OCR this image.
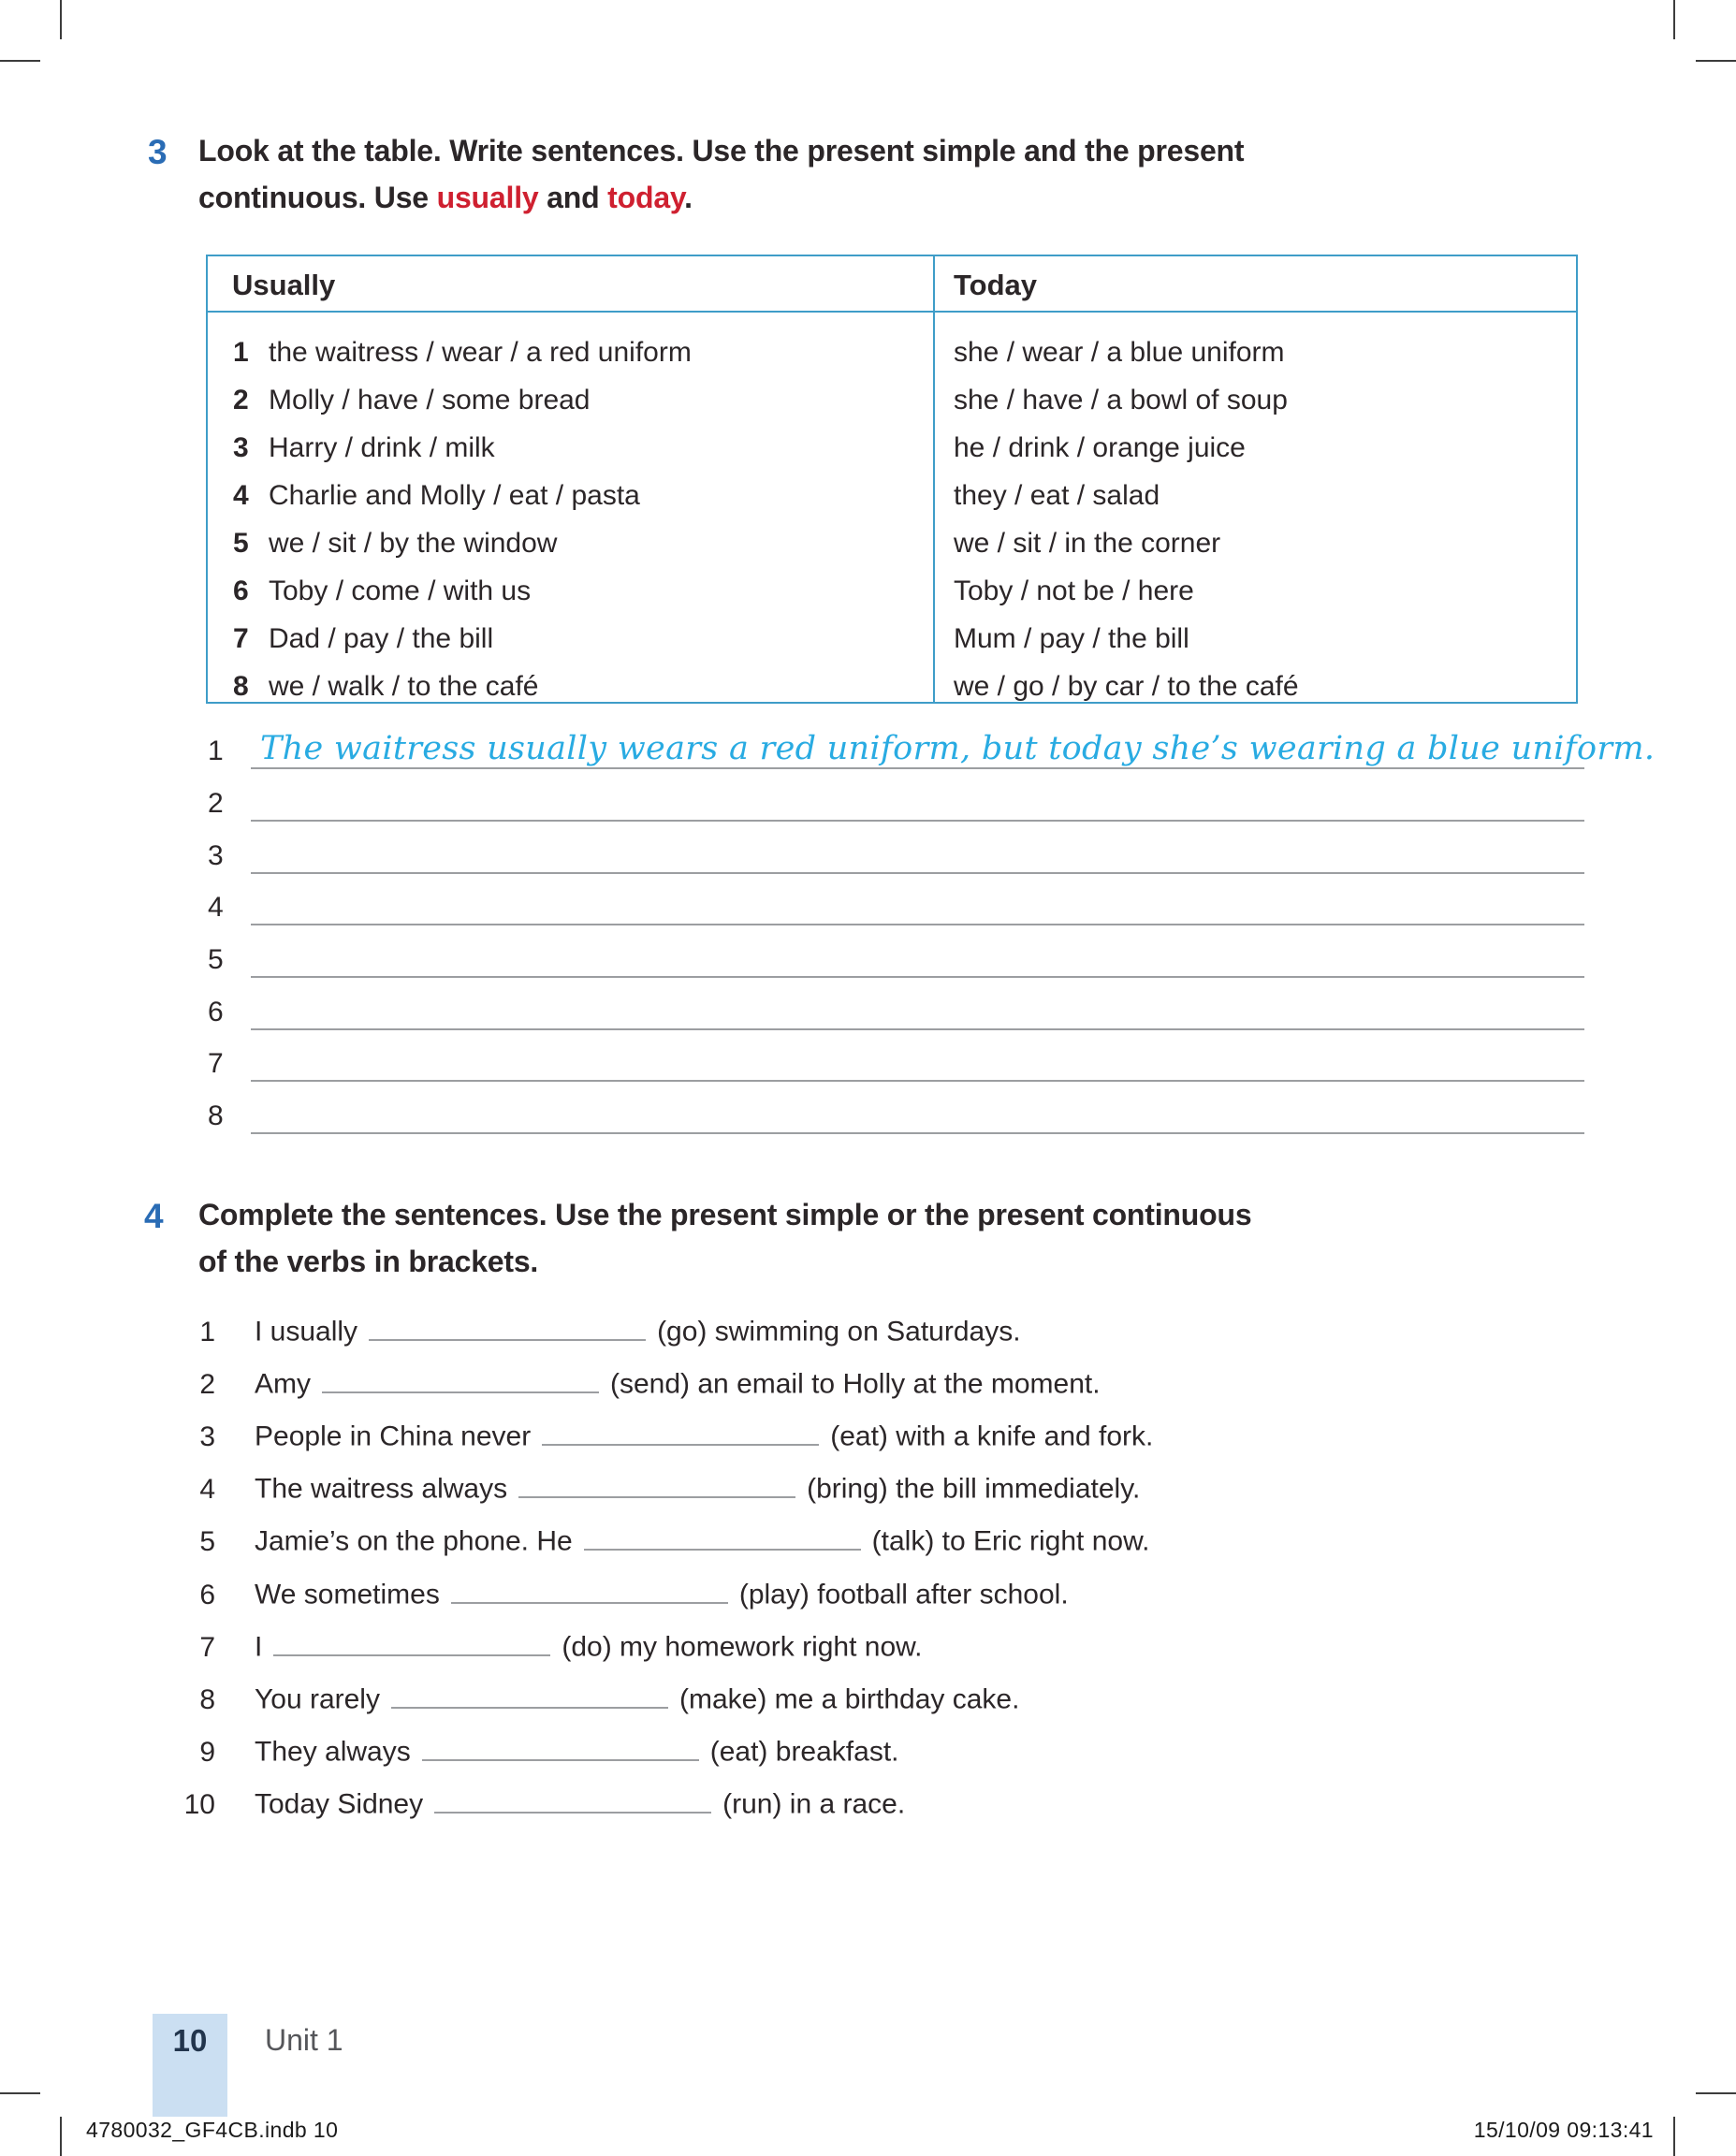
3 Look at the table. Write sentences. Use the present simple and the present
continuous. Use usually and today.
Usually	Today
1 the waitress / wear / a red uniform	she / wear / a blue uniform
2 Molly / have / some bread	she / have / a bowl of soup
3 Harry / drink / milk	he / drink / orange juice
4 Charlie and Molly / eat / pasta	they / eat / salad
5 we / sit / by the window	we / sit / in the corner
6 Toby / come / with us	Toby / not be / here
7 Dad / pay / the bill	Mum / pay / the bill
8 we / walk / to the café	we / go / by car / to the café
1 The waitress usually wears a red uniform, but today she’s wearing a blue uniform.
2
3
4
5
6
7
8
4 Complete the sentences. Use the present simple or the present continuous
of the verbs in brackets.
1 I usually	(go) swimming on Saturdays.
2 Amy	(send) an email to Holly at the moment.
3 People in China never	(eat) with a knife and fork.
4 The waitress always	(bring) the bill immediately.
5 Jamie’s on the phone. He	(talk) to Eric right now.
6 We sometimes	(play) football after school.
7 I	(do) my homework right now.
8 You rarely	(make) me a birthday cake.
9 They always	(eat) breakfast.
10 Today Sidney	(run) in a race.
10	Unit 1
4780032_GF4CB.indb 10	15/10/09 09:13:41
